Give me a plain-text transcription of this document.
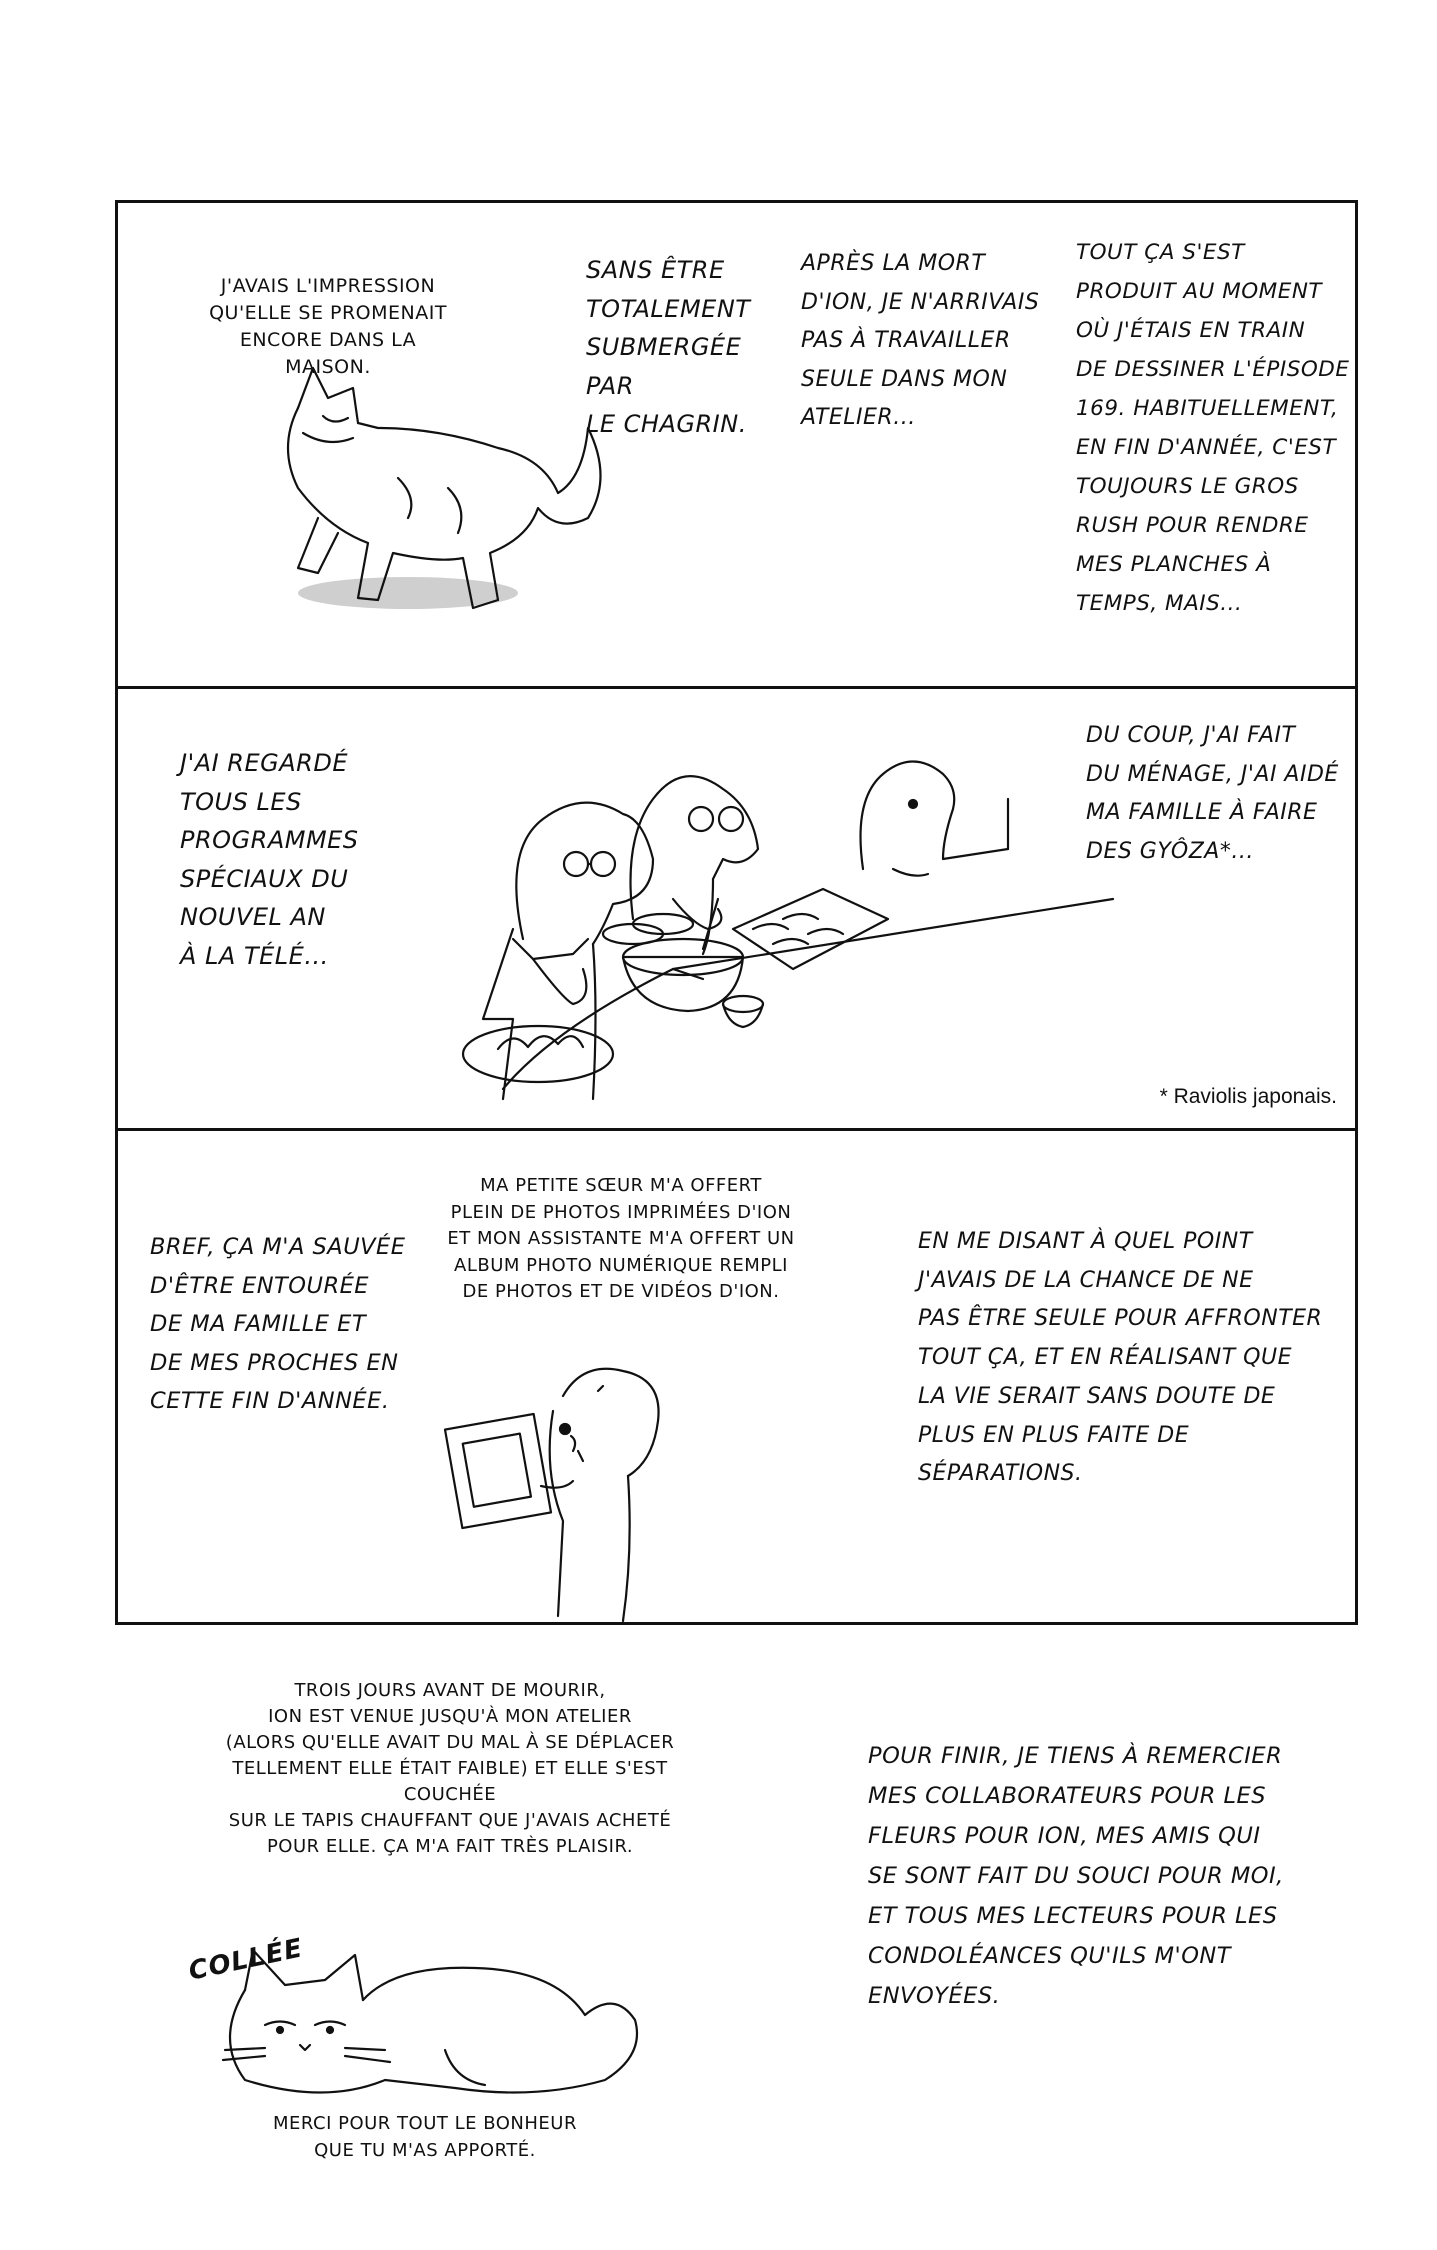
J'AVAIS L'IMPRESSION
QU'ELLE SE PROMENAIT
ENCORE DANS LA MAISON.
SANS ÊTRE
TOTALEMENT
SUBMERGÉE PAR
LE CHAGRIN.
APRÈS LA MORT
D'ION, JE N'ARRIVAIS
PAS À TRAVAILLER
SEULE DANS MON
ATELIER...
TOUT ÇA S'EST
PRODUIT AU MOMENT
OÙ J'ÉTAIS EN TRAIN
DE DESSINER L'ÉPISODE
169. HABITUELLEMENT,
EN FIN D'ANNÉE, C'EST
TOUJOURS LE GROS
RUSH POUR RENDRE
MES PLANCHES À
TEMPS, MAIS...
J'AI REGARDÉ
TOUS LES
PROGRAMMES
SPÉCIAUX DU
NOUVEL AN
À LA TÉLÉ...
DU COUP, J'AI FAIT
DU MÉNAGE, J'AI AIDÉ
MA FAMILLE À FAIRE
DES GYÔZA*...
* Raviolis japonais.
BREF, ÇA M'A SAUVÉE
D'ÊTRE ENTOURÉE
DE MA FAMILLE ET
DE MES PROCHES EN
CETTE FIN D'ANNÉE.
MA PETITE SŒUR M'A OFFERT
PLEIN DE PHOTOS IMPRIMÉES D'ION
ET MON ASSISTANTE M'A OFFERT UN
ALBUM PHOTO NUMÉRIQUE REMPLI
DE PHOTOS ET DE VIDÉOS D'ION.
EN ME DISANT À QUEL POINT
J'AVAIS DE LA CHANCE DE NE
PAS ÊTRE SEULE POUR AFFRONTER
TOUT ÇA, ET EN RÉALISANT QUE
LA VIE SERAIT SANS DOUTE DE
PLUS EN PLUS FAITE DE
SÉPARATIONS.
TROIS JOURS AVANT DE MOURIR,
ION EST VENUE JUSQU'À MON ATELIER
(ALORS QU'ELLE AVAIT DU MAL À SE DÉPLACER
TELLEMENT ELLE ÉTAIT FAIBLE) ET ELLE S'EST COUCHÉE
SUR LE TAPIS CHAUFFANT QUE J'AVAIS ACHETÉ
POUR ELLE. ÇA M'A FAIT TRÈS PLAISIR.
COLLÉE
MERCI POUR TOUT LE BONHEUR
QUE TU M'AS APPORTÉ.
POUR FINIR, JE TIENS À REMERCIER
MES COLLABORATEURS POUR LES
FLEURS POUR ION, MES AMIS QUI
SE SONT FAIT DU SOUCI POUR MOI,
ET TOUS MES LECTEURS POUR LES
CONDOLÉANCES QU'ILS M'ONT
ENVOYÉES.
